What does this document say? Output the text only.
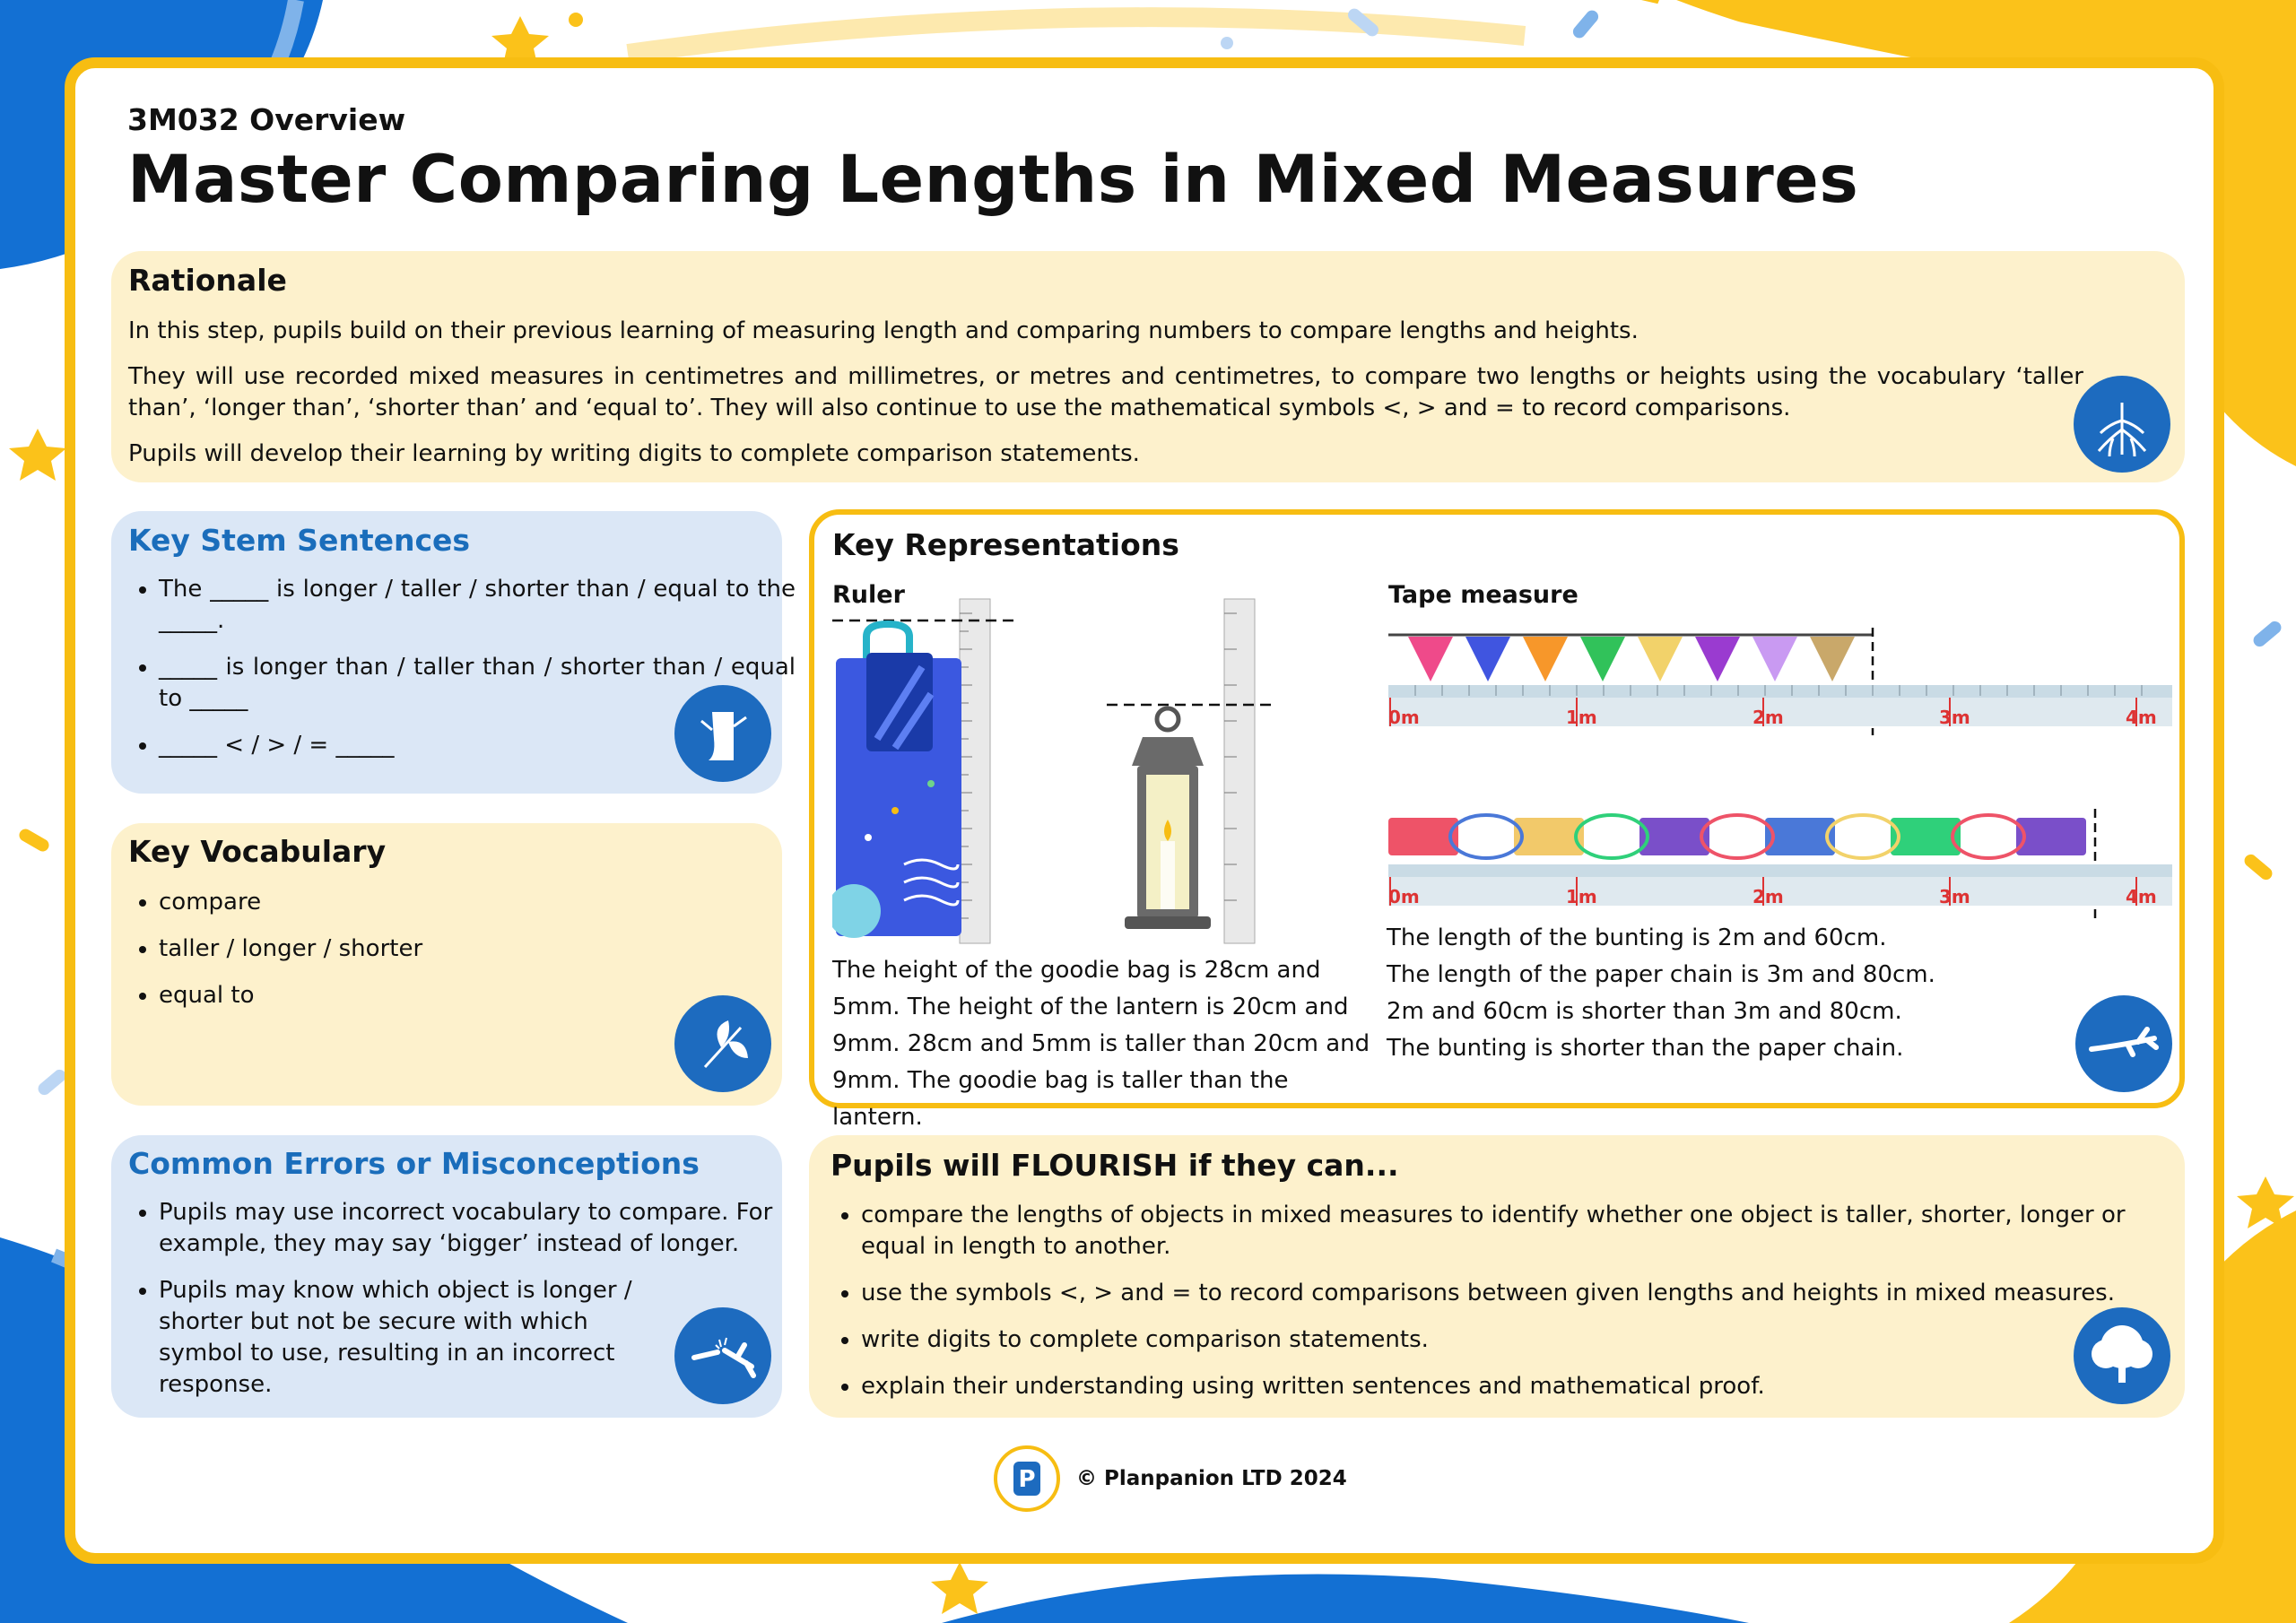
3M032 Overview
Master Comparing Lengths in Mixed Measures
Rationale
In this step, pupils build on their previous learning of measuring length and comparing numbers to compare lengths and heights.
They will use recorded mixed measures in centimetres and millimetres, or metres and centimetres, to compare two lengths or heights using the vocabulary ‘taller than’, ‘longer than’, ‘shorter than’ and ‘equal to’. They will also continue to use the mathematical symbols <, > and = to record comparisons.
Pupils will develop their learning by writing digits to complete comparison statements.
Key Stem Sentences
• The _____ is longer / taller / shorter than / equal to the _____.
• _____ is longer than / taller than / shorter than / equal to _____
• _____ < / > / = _____
Key Vocabulary
• compare
• taller / longer / shorter
• equal to
Common Errors or Misconceptions
• Pupils may use incorrect vocabulary to compare. For example, they may say ‘bigger’ instead of longer.
• Pupils may know which object is longer / shorter but not be secure with which symbol to use, resulting in an incorrect response.
Key Representations
Ruler	Tape measure
0m	1m	2m	3m	4m
0m	1m	2m	3m	4m
The height of the goodie bag is 28cm and 5mm. The height of the lantern is 20cm and 9mm. 28cm and 5mm is taller than 20cm and 9mm. The goodie bag is taller than the lantern.
The length of the bunting is 2m and 60cm.
The length of the paper chain is 3m and 80cm.
2m and 60cm is shorter than 3m and 80cm.
The bunting is shorter than the paper chain.
Pupils will FLOURISH if they can...
• compare the lengths of objects in mixed measures to identify whether one object is taller, shorter, longer or equal in length to another.
• use the symbols <, > and = to record comparisons between given lengths and heights in mixed measures.
• write digits to complete comparison statements.
• explain their understanding using written sentences and mathematical proof.
P © Planpanion LTD 2024
